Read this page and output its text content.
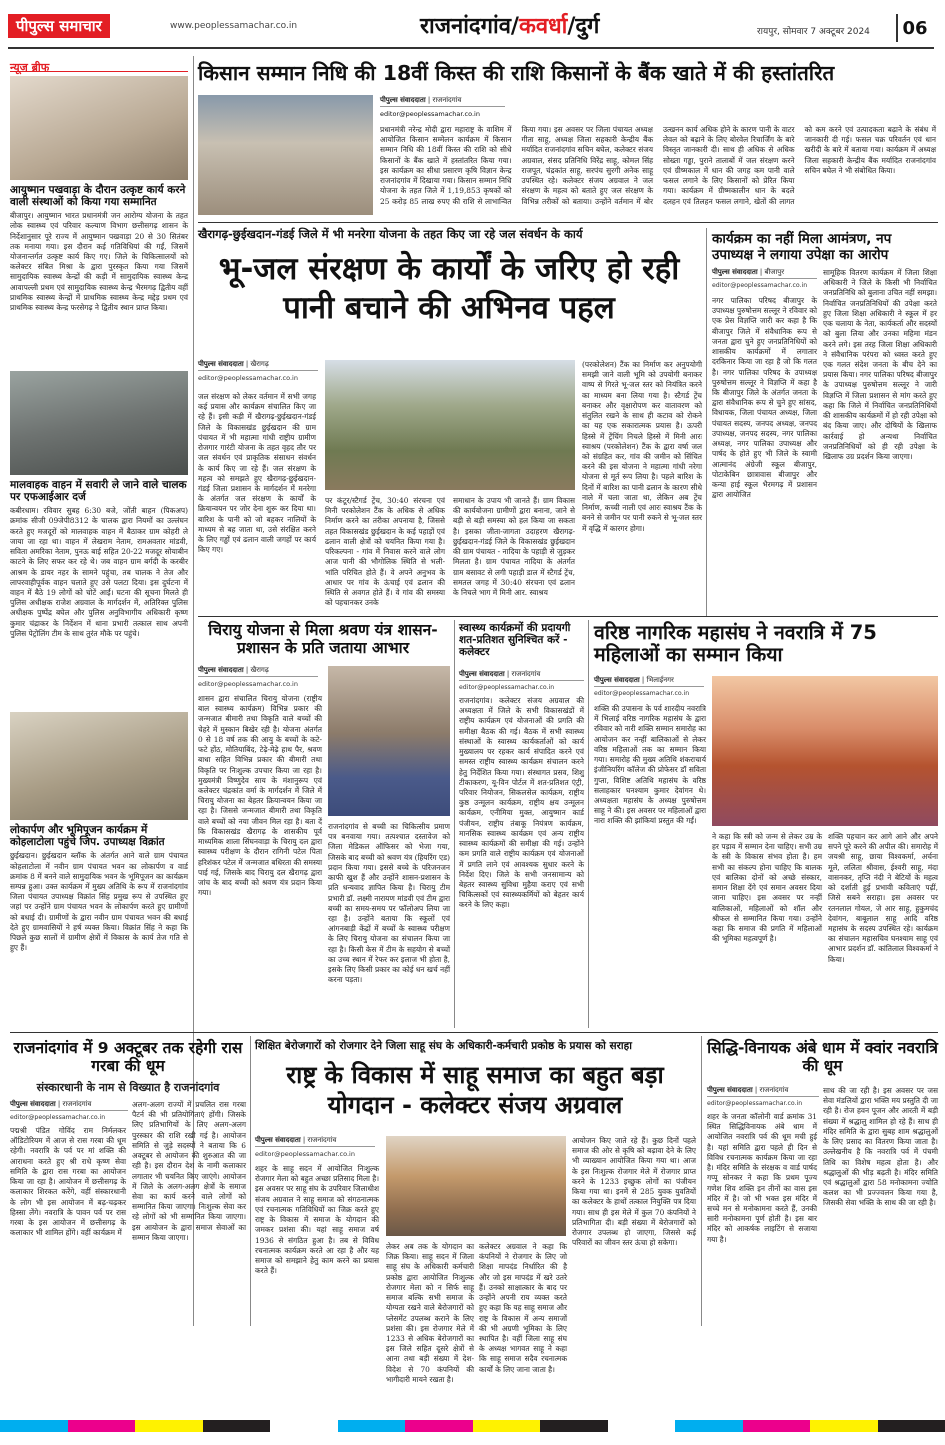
पीपुल्स समाचार	www.peoplessamachar.co.in	राजनांदगांव/कवर्धा/दुर्ग	रायपुर, सोमवार 7 अक्टूबर 2024 06
न्यूज ब्रीफ
आयुष्मान पखवाड़ा के दौरान उत्कृष्ट कार्य करने वाली संस्थाओं को किया गया सम्मानित
बीजापुर। आयुष्मान भारत प्रधानमंत्री जन आरोग्य योजना के तहत लोक स्वास्थ्य एवं परिवार कल्याण विभाग छत्तीसगढ़ शासन के निर्देशानुसार पूरे राज्य में आयुष्मान पखवाड़ा 20 से 30 सितंबर तक मनाया गया। इस दौरान कई गतिविधियां की गईं, जिसमें योजनान्तर्गत उत्कृष्ट कार्य किए गए। जिले के चिकित्सालयों को कलेक्टर संबित मिश्रा के द्वारा पुरस्कृत किया गया जिसमें सामुदायिक स्वास्थ्य केन्द्रों की कड़ी में सामुदायिक स्वास्थ्य केन्द्र आवापल्ली प्रथम एवं सामुदायिक स्वास्थ्य केन्द्र भैरमगढ़ द्वितीय वहीं प्राथमिक स्वास्थ्य केन्द्रों में प्राथमिक स्वास्थ्य केन्द्र मद्देड़ प्रथम एवं प्राथमिक स्वास्थ्य केन्द्र फरसेगढ़ ने द्वितीय स्थान प्राप्त किया।
मालवाहक वाहन में सवारी ले जाने वाले चालक पर एफआईआर दर्ज
कबीरधाम। रविवार सुबह 6:30 बजे, जोंती बाहन (पिकअप) क्रमांक सीजी 09जेपी8312 के चालक द्वारा नियमों का उल्लंघन करते हुए मजदूरों को मालवाहक वाहन में बैठाकर ग्राम कोहरी ले जाया जा रहा था। वाहन में लेखराम नेताम, रामअवतार मांडवी, सविता अमरिका नेताम, पुनऊ बाई सहित 20-22 मजदूर सोयाबीन काटने के लिए सफर कर रहे थे। जब वाहन ग्राम बर्गदी के करबीर आश्रम के डायर नहर के सामने पहुंचा, तब चालक ने तेज और लापरवाहीपूर्वक वाहन चलाते हुए उसे पलटा दिया। इस दुर्घटना में वाहन में बैठे 19 लोगों को चोटें आईं। घटना की सूचना मिलते ही पुलिस अधीक्षक राजेश अग्रवाल के मार्गदर्शन में, अतिरिक्त पुलिस अधीक्षक पुष्पेंद्र बघेल और पुलिस अनुविभागीय अधिकारी कृष्ण कुमार चंद्राकर के निर्देशन में थाना प्रभारी तत्काल साथ अपनी पुलिस पेट्रोलिंग टीम के साथ तुरंत मौके पर पहुंचे।
लोकार्पण और भूमिपूजन कार्यक्रम में कोहलाटोला पहुंचे जिप. उपाध्यक्ष विक्रांत
छुईखदान। छुईखदान ब्लॉक के अंतर्गत आने वाले ग्राम पंचायत कोहलाटोला में नवीन ग्राम पंचायत भवन का लोकार्पण व वार्ड क्रमांक 8 में बनने वाले सामुदायिक भवन के भूमिपूजन का कार्यक्रम सम्पन्न हुआ। उक्त कार्यक्रम में मुख्य अतिथि के रूप में राजनांदगांव जिला पंचायत उपाध्यक्ष विक्रांत सिंह प्रमुख रूप से उपस्थित हुए जहां पर उन्होंने ग्राम पंचायत भवन के लोकार्पण करते हुए ग्रामीणों को बधाई दी। ग्रामीणों के द्वारा नवीन ग्राम पंचायत भवन की बधाई देते हुए ग्रामवासियों ने हर्ष व्यक्त किया। विक्रांत सिंह ने कहा कि पिछले कुछ सालों में ग्रामीण क्षेत्रों में विकास के कार्य तेज गति से हुए हैं।
किसान सम्मान निधि की 18वीं किस्त की राशि किसानों के बैंक खाते में की हस्तांतरित
पीपुल्स संवाददाता | राजनांदगांव
editor@peoplessamachar.co.in
प्रधानमंत्री नरेन्द्र मोदी द्वारा महाराष्ट्र के वाशिम में आयोजित किसान सम्मेलन कार्यक्रम में किसान सम्मान निधि की 18वीं किस्त की राशि को सीधे किसानों के बैंक खाते में हस्तांतरित किया गया। इस कार्यक्रम का सीधा प्रसारण कृषि विज्ञान केन्द्र राजनांदगांव में दिखाया गया। किसान सम्मान निधि योजना के तहत जिले में 1,19,853 कृषकों को 25 करोड़ 85 लाख रुपए की राशि से लाभान्वित किया गया। इस अवसर पर जिला पंचायत अध्यक्ष गीता साहू, अध्यक्ष जिला सहकारी केन्द्रीय बैंक मर्यादित राजनांदगांव सचिन बघेल, कलेक्टर संजय अग्रवाल, संसद प्रतिनिधि विरेंद्र साहू, कोमल सिंह राजपूत, चंद्रकांत साहू, सरपंच सुरगी अनेक साहू उपस्थित रहे। कलेक्टर संजय अग्रवाल ने जल संरक्षण के महत्व को बताते हुए जल संरक्षण के विभिन्न तरीकों को बताया। उन्होंने वर्तमान में बोर उत्खनन कार्य अधिक होने के कारण पानी के वाटर लेवल को बढ़ाने के लिए बोरवेल रिचार्जिंग के बारे विस्तृत जानकारी दी। साथ ही अधिक से अधिक सोख्ता गड्ढा, पुराने तालाबों में जल संरक्षण करने एवं ग्रीष्मकाल में धान की जगह कम पानी वाले फसल लगाने के लिए किसानों को प्रेरित किया गया। कार्यक्रम में ग्रीष्मकालीन धान के बदले दलहन एवं तिलहन फसल लगाने, खेतों की लागत को कम करने एवं उत्पादकता बढ़ाने के संबंध में जानकारी दी गई। फसल चक्र परिवर्तन एवं धान खरीदी के बारे में बताया गया। कार्यक्रम में अध्यक्ष जिला सहकारी केन्द्रीय बैंक मर्यादित राजनांदगांव सचिन बघेल ने भी संबोधित किया।
खैरागढ़-छुईखदान-गंडई जिले में भी मनरेगा योजना के तहत किए जा रहे जल संवर्धन के कार्य
भू-जल संरक्षण के कार्यों के जरिए हो रही पानी बचाने की अभिनव पहल
पीपुल्स संवाददाता | खैरागढ़
editor@peoplessamachar.co.in
जल संरक्षण को लेकर वर्तमान में सभी जगह कई प्रयास और कार्यक्रम संचालित किए जा रहे हैं। इसी कड़ी में खैरागढ़-छुईखदान-गंडई जिले के विकासखंड छुईखदान की ग्राम पंचायत में भी महात्मा गांधी राष्ट्रीय ग्रामीण रोजगार गारंटी योजना के तहत वृहद तौर पर जल संवर्धन एवं प्राकृतिक संसाधन संवर्धन के कार्य किए जा रहे हैं। जल संरक्षण के महत्व को समझते हुए खैरागढ़-छुईखदान-गंडई जिला प्रशासन के मार्गदर्शन में मनरेगा के अंतर्गत जल संरक्षण के कार्यों के क्रियान्वयन पर जोर देना शुरू कर दिया था। बारिश के पानी को जो बहकर नालियों के माध्यम से बह जाता था, उसे संरक्षित करने के लिए गड्ढों एवं ढलान वाली जगहों पर कार्य किए गए।
पर कंटूर/स्टैगर्ड ट्रेंच, 30:40 संरचना एवं मिनी परकोलेशन टैंक के अधिक से अधिक निर्माण करने का तरीका अपनाया है, जिससे तहत विकासखंड छुईखदान के कई पहाड़ों एवं ढलान वाली क्षेत्रों को चयनित किया गया है। परिकल्पना - गांव में निवास करने वाले लोग आज पानी की भौगोलिक स्थिति से भली-भांति परिचित होते हैं। वे अपने अनुभव के आधार पर गांव के ऊंचाई एवं ढलान की स्थिति से अवगत होते हैं। वे गांव की समस्या को पहचानकर उनके
समाधान के उपाय भी जानते हैं। ग्राम विकास की कार्ययोजना ग्रामीणों द्वारा बनाना, जाने से बड़ी से बड़ी समस्या को हल किया जा सकता है। इसका जीता-जागता उदाहरण खैरागढ़-छुईखदान-गंडई जिले के विकासखंड छुईखदान की ग्राम पंचायत - नादिया के पहाड़ी से जुड़कर मिलता है। ग्राम पंचायत नादिया के अंतर्गत ग्राम बसावट से लगी पहाड़ी डाल में स्टैगर्ड ट्रेंच, समतल जगह में 30:40 संरचना एवं ढलान के निचले भाग में मिनी आर. स्वाश्रय
(परकोलेशन) टैंक का निर्माण कर अनुपयोगी समझी जाने वाली भूमि को उपयोगी बनाकर वाष्प से गिरते भू-जल स्तर को नियंत्रित करने का माध्यम बना लिया गया है। स्टैगर्ड ट्रेंच बनाकर और वृक्षारोपण कर वातावरण को संतुलित रखने के साथ ही कटाव को रोकने का यह एक सकारात्मक प्रयास है। ऊपरी हिस्से में ट्रेंचिंग निचले हिस्से में मिनी आरः स्वाश्रय (परकोलेशन) टैंक के द्वारा वर्षा जल को संग्रहित कर, गांव की जमीन को सिंचित करने की इस योजना ने महात्मा गांधी नरेगा योजना से मूर्त रूप लिया है। पहले बारिश के दिनों में बारिश का पानी ढलान के कारण सीधे नाले में चला जाता था, लेकिन अब ट्रेंच निर्माण, कच्ची नाली एवं आरः स्वाश्रय टैंक के बनने से जमीन पर पानी रुकने से भू-जल स्तर में वृद्धि में कारगर होगा।
कार्यक्रम का नहीं मिला आमंत्रण, नप उपाध्यक्ष ने लगाया उपेक्षा का आरोप
पीपुल्स संवाददाता | बीजापुर
editor@peoplessamachar.co.in
नगर पालिका परिषद बीजापुर के उपाध्यक्ष पुरुषोत्तम सल्लूर ने रविवार को एक प्रेस विज्ञप्ति जारी कर कहा है कि बीजापुर जिले में संवैधानिक रूप से जनता द्वारा चुने हुए जनप्रतिनिधियों को शासकीय कार्यक्रमों में लगातार दरकिनार किया जा रहा है जो कि गलत है। नगर पालिका परिषद के उपाध्यक्ष पुरुषोत्तम सल्लूर ने विज्ञप्ति में कहा है कि बीजापुर जिले के अंतर्गत जनता के द्वारा संवैधानिक रूप से चुने हुए सांसद, विधायक, जिला पंचायत अध्यक्ष, जिला पंचायत सदस्य, जनपद अध्यक्ष, जनपद उपाध्यक्ष, जनपद सदस्य, नगर पालिका अध्यक्ष, नगर पालिका उपाध्यक्ष और पार्षद के होते हुए भी जिले के स्वामी आत्मानंद अंग्रेजी स्कूल बीजापुर, पोटाकेबिन छात्रावास बीजापुर और कन्या हाई स्कूल भैरमगढ़ में प्रशासन द्वारा आयोजित
सामूहिक वितरण कार्यक्रम में जिला शिक्षा अधिकारी ने जिले के किसी भी निर्वाचित जनप्रतिनिधि को बुलाना उचित नहीं समझा। निर्वाचित जनप्रतिनिधियों की उपेक्षा करते हुए जिला शिक्षा अधिकारी ने स्कूल में हर एक चलाया के नेता, कार्यकर्ता और सदस्यों को बुला लिया और उनका महिमा मंडन करने लगे। इस तरह जिला शिक्षा अधिकारी ने संवैधानिक परंपरा को ध्वस्त करते हुए एक गलत संदेश जनता के बीच देने का प्रयास किया। नगर पालिका परिषद बीजापुर के उपाध्यक्ष पुरुषोत्तम सल्लूर ने जारी विज्ञप्ति में जिला प्रशासन से मांग करते हुए कहा कि जिले में निर्वाचित जनप्रतिनिधियों की शासकीय कार्यक्रमों में हो रही उपेक्षा को बंद किया जाए। और दोषियों के खिलाफ कार्रवाई हो अन्यथा निर्वाचित जनप्रतिनिधियों को ही रही उपेक्षा के खिलाफ उग्र प्रदर्शन किया जाएगा।
चिरायु योजना से मिला श्रवण यंत्र शासन-प्रशासन के प्रति जताया आभार
पीपुल्स संवाददाता | खैरागढ़
editor@peoplessamachar.co.in
शासन द्वारा संचालित चिरायु योजना (राष्ट्रीय बाल स्वास्थ्य कार्यक्रम) विभिन्न प्रकार की जन्मजात बीमारी तथा विकृति वाले बच्चों की चेहरे में मुस्कान बिखेर रही है। योजना अंतर्गत 0 से 18 वर्ष तक की आयु के बच्चों के कटे-फटे होंठ, मोतियाबिंद, टेढ़े-मेढ़े हाथ पैर, श्रवण बाधा सहित विभिन्न प्रकार की बीमारी तथा विकृति पर निःशुल्क उपचार किया जा रहा है। मुख्यमंत्री विष्णुदेव साय के मंशानुरूप एवं कलेक्टर चंद्रकांत वर्मा के मार्गदर्शन में जिले में चिरायु योजना का बेहतर क्रियान्वयन किया जा रहा है। जिससे जन्मजात बीमारी तथा विकृति वाले बच्चों को नया जीवन मिल रहा है। बता दें कि विकासखंड खैरागढ़ के शासकीय पूर्व माध्यमिक शाला सिंघनवाड़ा के चिरायु दल द्वारा स्वास्थ्य परीक्षण के दौरान रागिनी पटेल पिता हरिशंकर पटेल में जन्मजात बधिरता की समस्या पाई गई, जिसके बाद चिरायु दल खैरागढ़ द्वारा जांच के बाद बच्ची को श्रवण यंत्र प्रदान किया गया।
राजनांदगांव से बच्ची का चिकित्सीय प्रमाण पत्र बनवाया गया। तत्पश्चात दस्तावेज को जिला मेडिकल ऑफिसर को भेजा गया, जिसके बाद बच्ची को श्रवण यंत्र (हियरिंग एड) प्रदान किया गया। इससे बच्चे के परिजनजन काफी खुश हैं और उन्होंने शासन-प्रशासन के प्रति धन्यवाद ज्ञापित किया है। चिरायु टीम प्रभारी डॉ. लक्ष्मी नारायण मांडवी एवं टीम द्वारा बच्ची का समय-समय पर फॉलोअप लिया जा रहा है। उन्होंने बताया कि स्कूलों एवं आंगनबाड़ी केंद्रों में बच्चों के स्वास्थ्य परीक्षण के लिए चिरायु योजना का संचालन किया जा रहा है। किसी केस में टीम के सहयोग से बच्चों का उच्च स्थान में रेफर कर इलाज भी होता है, इसके लिए किसी प्रकार का कोई धन खर्च नहीं करना पड़ता।
स्वास्थ्य कार्यक्रमों की प्रदायगी शत-प्रतिशत सुनिश्चित करें - कलेक्टर
पीपुल्स संवाददाता | राजनांदगांव
editor@peoplessamachar.co.in
राजनांदगांव। कलेक्टर संजय अग्रवाल की अध्यक्षता में जिले के सभी विकासखंडों में राष्ट्रीय कार्यक्रम एवं योजनाओं की प्रगति की समीक्षा बैठक की गई। बैठक में सभी स्वास्थ्य संस्थाओं के स्वास्थ्य कार्यकर्ताओं को कार्य मुख्यालय पर रहकर कार्य संपादित करने एवं समस्त राष्ट्रीय स्वास्थ्य कार्यक्रम संचालन करने हेतु निर्देशित किया गया। संस्थागत प्रसव, शिशु टीकाकरण, यू-विन पोर्टल में शत-प्रतिशत एंट्री, परिवार नियोजन, सिकलसेल कार्यक्रम, राष्ट्रीय कुष्ठ उन्मूलन कार्यक्रम, राष्ट्रीय क्षय उन्मूलन कार्यक्रम, एनीमिया मुक्त, आयुष्मान कार्ड पंजीयन, राष्ट्रीय तंबाकू नियंत्रण कार्यक्रम, मानसिक स्वास्थ्य कार्यक्रम एवं अन्य राष्ट्रीय स्वास्थ्य कार्यक्रमों की समीक्षा की गई। उन्होंने कम प्रगति वाले राष्ट्रीय कार्यक्रम एवं योजनाओं में प्रगति लाने एवं आवश्यक सुधार करने के निर्देश दिए। जिले के सभी जनसामान्य को बेहतर स्वास्थ्य सुविधा मुहैया कराए एवं सभी चिकित्सकों एवं स्वास्थ्यकर्मियों को बेहतर कार्य करने के लिए कहा।
वरिष्ठ नागरिक महासंघ ने नवरात्रि में 75 महिलाओं का सम्मान किया
पीपुल्स संवाददाता | भिलाईनगर
editor@peoplessamachar.co.in
शक्ति की उपासना के पर्व शारदीय नवरात्रि में भिलाई वरिष्ठ नागरिक महासंघ के द्वारा रविवार को नारी शक्ति सम्मान समारोह का आयोजन कर नन्हीं बालिकाओं से लेकर वरिष्ठ महिलाओं तक का सम्मान किया गया। समारोह की मुख्य अतिथि शंकराचार्य इंजीनियरिंग कॉलेज की प्रोफेसर डॉ सविता गुप्ता, विशिष्ट अतिथि महासंघ के वरिष्ठ सलाहकार घनश्याम कुमार देवांगन थे। अध्यक्षता महासंघ के अध्यक्ष पुरुषोत्तम साहू ने की। इस अवसर पर महिलाओं द्वारा नारा शक्ति की झांकियां प्रस्तुत की गईं।
ने कहा कि स्त्री को जन्म से लेकर उम्र के हर पड़ाव में सम्मान देना चाहिए। सभी उम्र के स्त्री के विकास संभव होता है। हम सभी का संकल्प होना चाहिए कि बालक एवं बालिका दोनों को अच्छे संस्कार, समान शिक्षा देंगे एवं समान अवसर दिया जाना चाहिए। इस अवसर पर नन्हीं बालिकाओं, महिलाओं को शॉल और श्रीफल से सम्मानित किया गया। उन्होंने कहा कि समाज की प्रगति में महिलाओं की भूमिका महत्वपूर्ण है।
शक्ति पहचान कर आगे आने और अपने सपने पूरे करने की अपील की। समारोह में जयश्री साहू, छाया विश्वकर्मा, अर्चना मूले, ललिता श्रीवास, ईश्वरी साहू, मंदा वासनकर, तृप्ति नंदी ने बेटियों के महत्व को दर्शाती हुई प्रभावी कविताएं पढ़ीं, जिसे सबने सराहा। इस अवसर पर रतनलाल गोयल, जे आर साहू, हुकुमचंद देवांगन, बाबूलाल साहू आदि वरिष्ठ महासंघ के सदस्य उपस्थित रहे। कार्यक्रम का संचालन महासचिव घनश्याम साहू एवं आभार प्रदर्शन डॉ. कांतिलाल विश्वकर्मा ने किया।
राजनांदगांव में 9 अक्टूबर तक रहेगी रास गरबा की धूम
संस्कारधानी के नाम से विख्यात है राजनांदगांव
पीपुल्स संवाददाता | राजनांदगांव
editor@peoplessamachar.co.in
पद्मश्री पंडित गोविंद राम निर्मलकर ऑडिटोरियम में आज से रास गरबा की धूम रहेगी। नवरात्रि के पर्व पर मां शक्ति की आराधना करते हुए श्री राधे कृष्ण सेवा समिति के द्वारा रास गरबा का आयोजन किया जा रहा है। आयोजन में छत्तीसगढ़ के कलाकार शिरकत करेंगे, वहीं संस्कारधानी के लोग भी इस आयोजन में बढ़-चढ़कर हिस्सा लेंगे। नवरात्रि के पावन पर्व पर रास गरबा के इस आयोजन में छत्तीसगढ़ के कलाकार भी शामिल होंगे। वहीं कार्यक्रम में
अलग-अलग राज्यों में प्रचलित रास गरबा पैटर्न की भी प्रतियोगिताएं होंगी। जिसके लिए प्रतिभागियों के लिए अलग-अलग पुरस्कार की राशि रखी गई है। आयोजन समिति से जुड़े सदस्यों ने बताया कि 6 अक्टूबर से आयोजन की शुरुआत की जा रही है। इस दौरान देश के नामी कलाकार लगातार भी चयनित किए जाएंगे। आयोजन में जिले के अलग-अलग क्षेत्रों के समाज सेवा का कार्य करने वाले लोगों को सम्मानित किया जाएगा। निःशुल्क सेवा कर रहे लोगों को भी सम्मानित किया जाएगा। इस आयोजन के द्वारा समाज सेवाओं का सम्मान किया जाएगा।
शिक्षित बेरोजगारों को रोजगार देने जिला साहू संघ के अधिकारी-कर्मचारी प्रकोष्ठ के प्रयास को सराहा
राष्ट्र के विकास में साहू समाज का बहुत बड़ा योगदान - कलेक्टर संजय अग्रवाल
पीपुल्स संवाददाता | राजनांदगांव
editor@peoplessamachar.co.in
शहर के साहू सदन में आयोजित निःशुल्क रोजगार मेला को बहुत अच्छा प्रतिसाद मिला है। इस अवसर पर साहू संघ के उपरिवार जिलाधीश संजय अग्रवाल ने साहू समाज को संगठनात्मक एवं रचनात्मक गतिविधियों का जिक्र करते हुए राष्ट्र के विकास में समाज के योगदान की जमकर प्रशंसा की। यहां साहू समाज वर्ष 1936 से संगठित हुआ है। तब से विविध रचनात्मक कार्यक्रम करते आ रहा है और यह समाज को समझाने हेतु काम करने का प्रयास करते हैं।
लेकर अब तक के योगदान का जिक्र किया। साहू सदन में जिला साहू संघ के अधिकारी कर्मचारी प्रकोष्ठ द्वारा आयोजित निःशुल्क रोजगार मेला को न सिर्फ साहू समाज बल्कि सभी समाज के योग्यता रखने वाले बेरोजगारों को प्लेसमेंट उपलब्ध कराने के लिए प्रशंसा की। इस रोजगार मेले में 1233 से अधिक बेरोजगारों का इस जिले सहित दूसरे क्षेत्रों से आना तथा बड़ी संख्या में देश-विदेश से 70 कंपनियों की भागीदारी मायने रखता है।
कलेक्टर अग्रवाल ने कहा कि कंपनियों ने रोजगार के लिए जो शिक्षा मापदंड निर्धारित की है और जो इस मापदंड में खरे उतरे हैं। उनको साक्षात्कार के बाद पर उन्होंने अपनी राय व्यक्त करते हुए कहा कि यह साहू समाज और राष्ट्र के विकास में अन्य समाजों की भी अग्रणी भूमिका के लिए स्थापित है। वहीं जिला साहू संघ के अध्यक्ष भागवत साहू ने कहा कि साहू समाज सदैव रचनात्मक कार्यों के लिए जाना जाता है।
आयोजन किए जाते रहे हैं। कुछ दिनों पहले समाज की ओर से कृषि को बढ़ावा देने के लिए भी व्याख्यान आयोजित किया गया था। आज के इस निःशुल्क रोजगार मेले में रोजगार प्राप्त करने के 1233 इच्छुक लोगों का पंजीयन किया गया था। इनमें से 285 युवक युवतियों का कलेक्टर के हाथों तत्काल नियुक्ति पत्र दिया गया। साथ ही इस मेले में कुल 70 कंपनियों ने प्रतिभागिता दी। बड़ी संख्या में बेरोजगारों को रोजगार उपलब्ध हो जाएगा, जिससे कई परिवारों का जीवन स्तर ऊंचा हो सकेगा।
सिद्धि-विनायक अंबे धाम में क्वांर नवरात्रि की धूम
पीपुल्स संवाददाता | राजनांदगांव
editor@peoplessamachar.co.in
शहर के जनता कॉलोनी वार्ड क्रमांक 31 स्थित सिद्धिविनायक अंबे धाम में आयोजित नवरात्रि पर्व की धूम मची हुई है। यहां समिति द्वारा पहले ही दिन से विविध रचनात्मक कार्यक्रम किया जा रहा है। मंदिर समिति के संरक्षक व वार्ड पार्षद गप्पू सोनकर ने कहा कि प्रथम पूज्य गणेश शिव शक्ति इन तीनों का वास इस मंदिर में है। जो भी भक्त इस मंदिर में सच्चे मन से मनोकामना करते हैं, उनकी सारी मनोकामना पूर्ण होती है। इस बार मंदिर को आकर्षक लाइटिंग से सजाया गया है।
साथ की जा रही है। इस अवसर पर जस सेवा मंडलियों द्वारा भक्ति मय प्रस्तुति दी जा रही है। रोज हवन पूजन और आरती में बड़ी संख्या में श्रद्धालु शामिल हो रहे हैं। साथ ही मंदिर समिति के द्वारा सुबह शाम श्रद्धालुओं के लिए प्रसाद का वितरण किया जाता है। उल्लेखनीय है कि नवरात्रि पर्व में पंचमी तिथि का विशेष महत्व होता है। और श्रद्धालुओं की भीड़ बढ़ती है। मंदिर समिति एवं श्रद्धालुओं द्वारा 58 मनोकामना ज्योति कलश का भी प्रज्ज्वलन किया गया है, जिसकी सेवा भक्ति के साथ की जा रही है।
